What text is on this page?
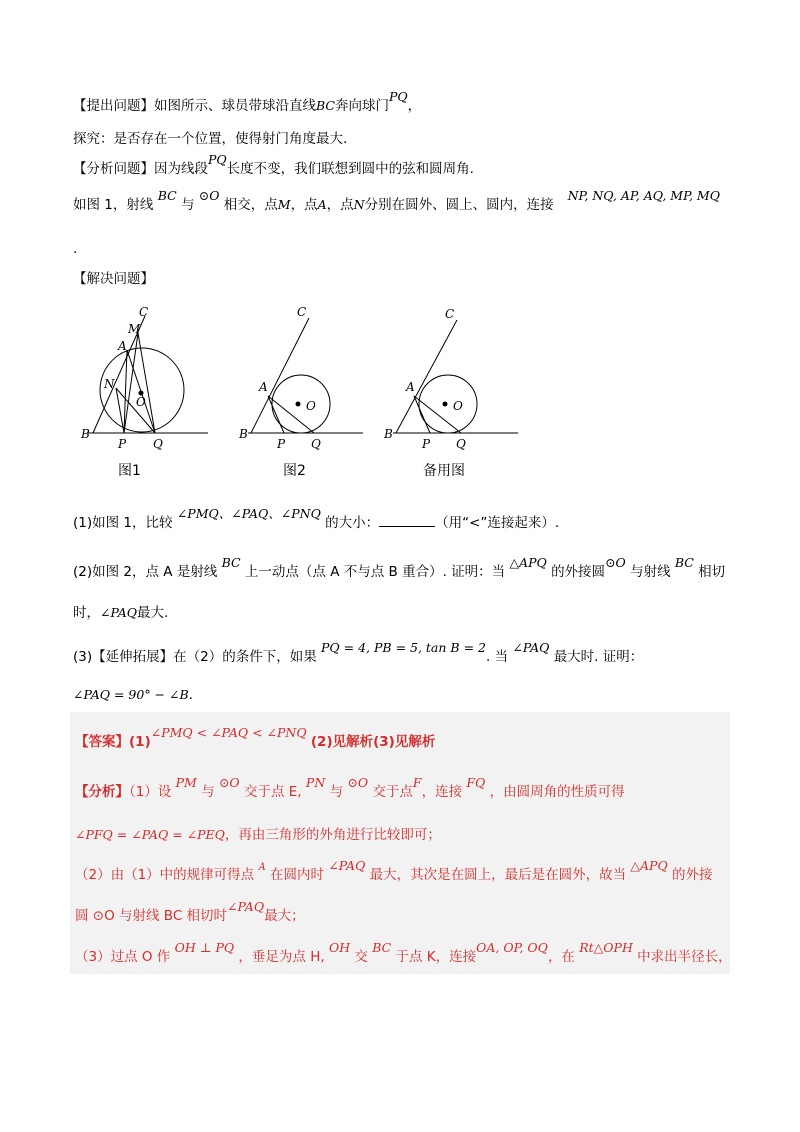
【提出问题】如图所示、球员带球沿直线BC奔向球门PQ，
探究：是否存在一个位置，使得射门角度最大.
【分析问题】因为线段PQ长度不变，我们联想到圆中的弦和圆周角.
如图 1，射线 BC 与 ⊙O 相交，点M，点A，点N分别在圆外、圆上、圆内，连接NP, NQ, AP, AQ, MP, MQ
.
【解决问题】
C
M
A
N
O
B
P Q
C
A
O
B
P Q
C
A
O
B
P Q
图1	图2	备用图
(1)如图 1，比较 ∠PMQ、∠PAQ、∠PNQ 的大小：	（用“<”连接起来）.
(2)如图 2，点 A 是射线 BC 上一动点（点 A 不与点 B 重合）. 证明：当 △APQ 的外接圆⊙O 与射线 BC 相切
时，∠PAQ最大.
(3)【延伸拓展】在（2）的条件下，如果 PQ = 4, PB = 5, tan B = 2. 当 ∠PAQ 最大时. 证明：
∠PAQ = 90° − ∠B.
【答案】(1)∠PMQ < ∠PAQ < ∠PNQ (2)见解析(3)见解析
【分析】（1）设 PM 与 ⊙O 交于点 E, PN 与 ⊙O 交于点F，连接 FQ ，由圆周角的性质可得
∠PFQ = ∠PAQ = ∠PEQ，再由三角形的外角进行比较即可；
（2）由（1）中的规律可得点 $^A$ 在圆内时 ∠PAQ 最大，其次是在圆上，最后是在圆外，故当 △APQ 的外接
圆 ⊙O 与射线 BC 相切时∠PAQ最大；
（3）过点 O 作 OH ⊥ PQ ，垂足为点 H, OH 交 BC 于点 K，连接OA, OP, OQ，在 Rt△OPH 中求出半径长，
